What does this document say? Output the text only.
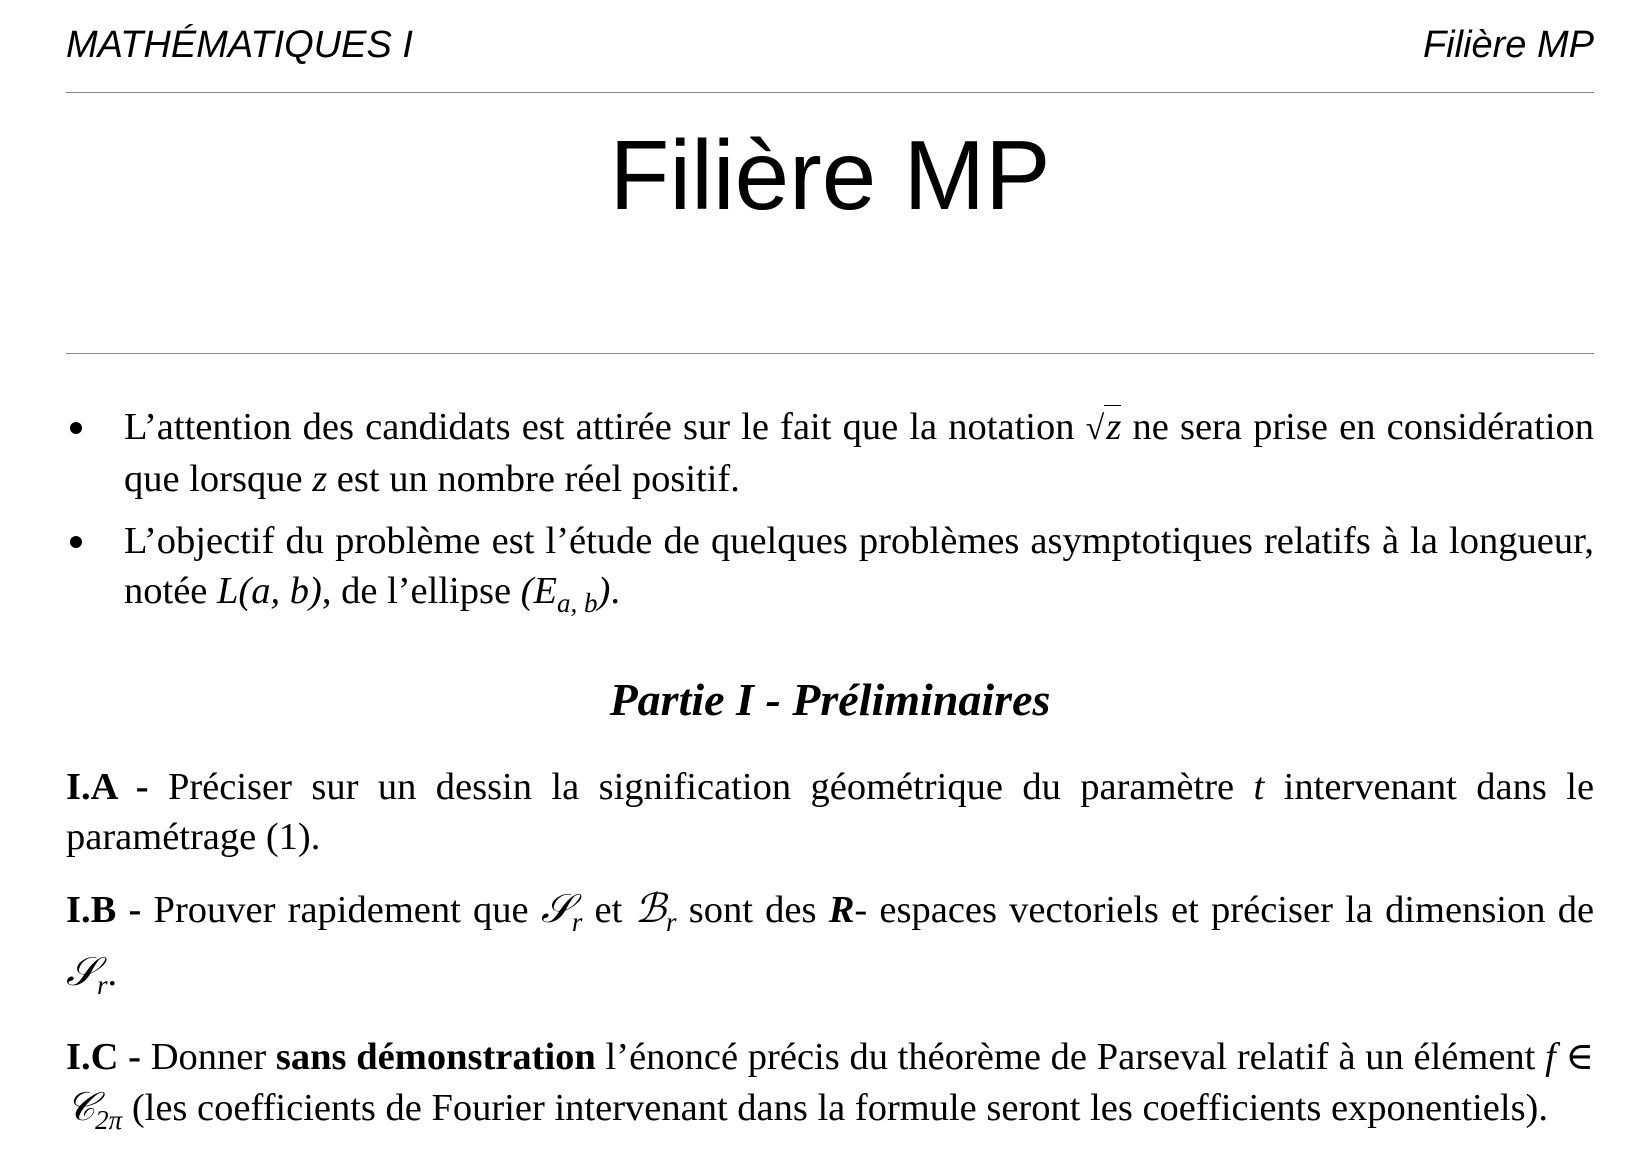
MATHÉMATIQUES I	Filière MP
Filière MP
L’attention des candidats est attirée sur le fait que la notation √z ne sera prise en considération que lorsque z est un nombre réel positif.
L’objectif du problème est l’étude de quelques problèmes asymptotiques relatifs à la longueur, notée L(a, b), de l’ellipse $(E_{a, b})$.
Partie I - Préliminaires
I.A - Préciser sur un dessin la signification géométrique du paramètre t intervenant dans le paramétrage (1).
I.B - Prouver rapidement que 𝒮$_r$ et ℬ$_r$ sont des R- espaces vectoriels et préciser la dimension de 𝒮$_r$.
I.C - Donner sans démonstration l’énoncé précis du théorème de Parseval relatif à un élément f ∈ 𝒞$_{2\pi}$ (les coefficients de Fourier intervenant dans la formule seront les coefficients exponentiels).
